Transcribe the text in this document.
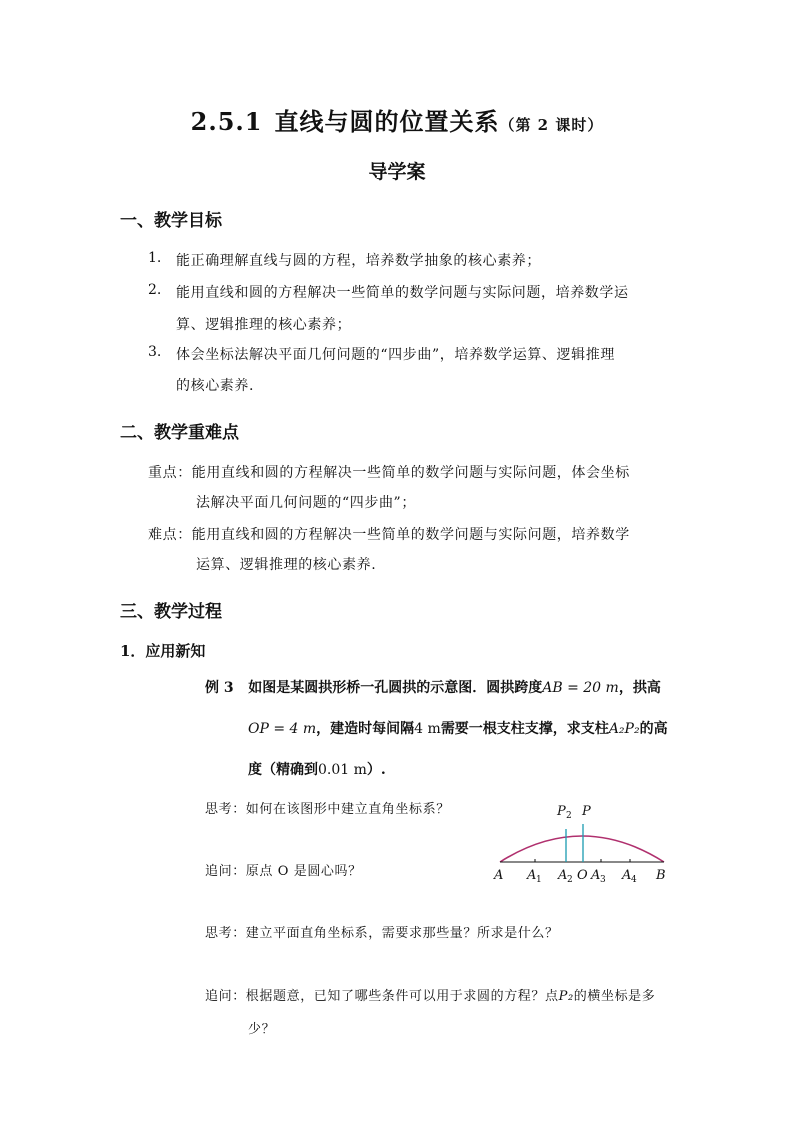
2.5.1 直线与圆的位置关系（第 2 课时）
导学案
一、教学目标
1. 能正确理解直线与圆的方程，培养数学抽象的核心素养；
2. 能用直线和圆的方程解决一些简单的数学问题与实际问题，培养数学运
算、逻辑推理的核心素养；
3. 体会坐标法解决平面几何问题的“四步曲”，培养数学运算、逻辑推理
的核心素养.
二、教学重难点
重点：能用直线和圆的方程解决一些简单的数学问题与实际问题，体会坐标
法解决平面几何问题的“四步曲”；
难点：能用直线和圆的方程解决一些简单的数学问题与实际问题，培养数学
运算、逻辑推理的核心素养.
三、教学过程
1．应用新知
例 3 如图是某圆拱形桥一孔圆拱的示意图．圆拱跨度AB = 20 m，拱高
OP = 4 m，建造时每间隔4 m需要一根支柱支撑，求支柱A₂P₂的高
度（精确到0.01 m）.
思考：如何在该图形中建立直角坐标系？
追问：原点 O 是圆心吗？
思考：建立平面直角坐标系，需要求那些量？所求是什么？
追问：根据题意，已知了哪些条件可以用于求圆的方程？点P₂的横坐标是多
少？
P 2 P
A A 1 A 2 O A 3 A 4 B
